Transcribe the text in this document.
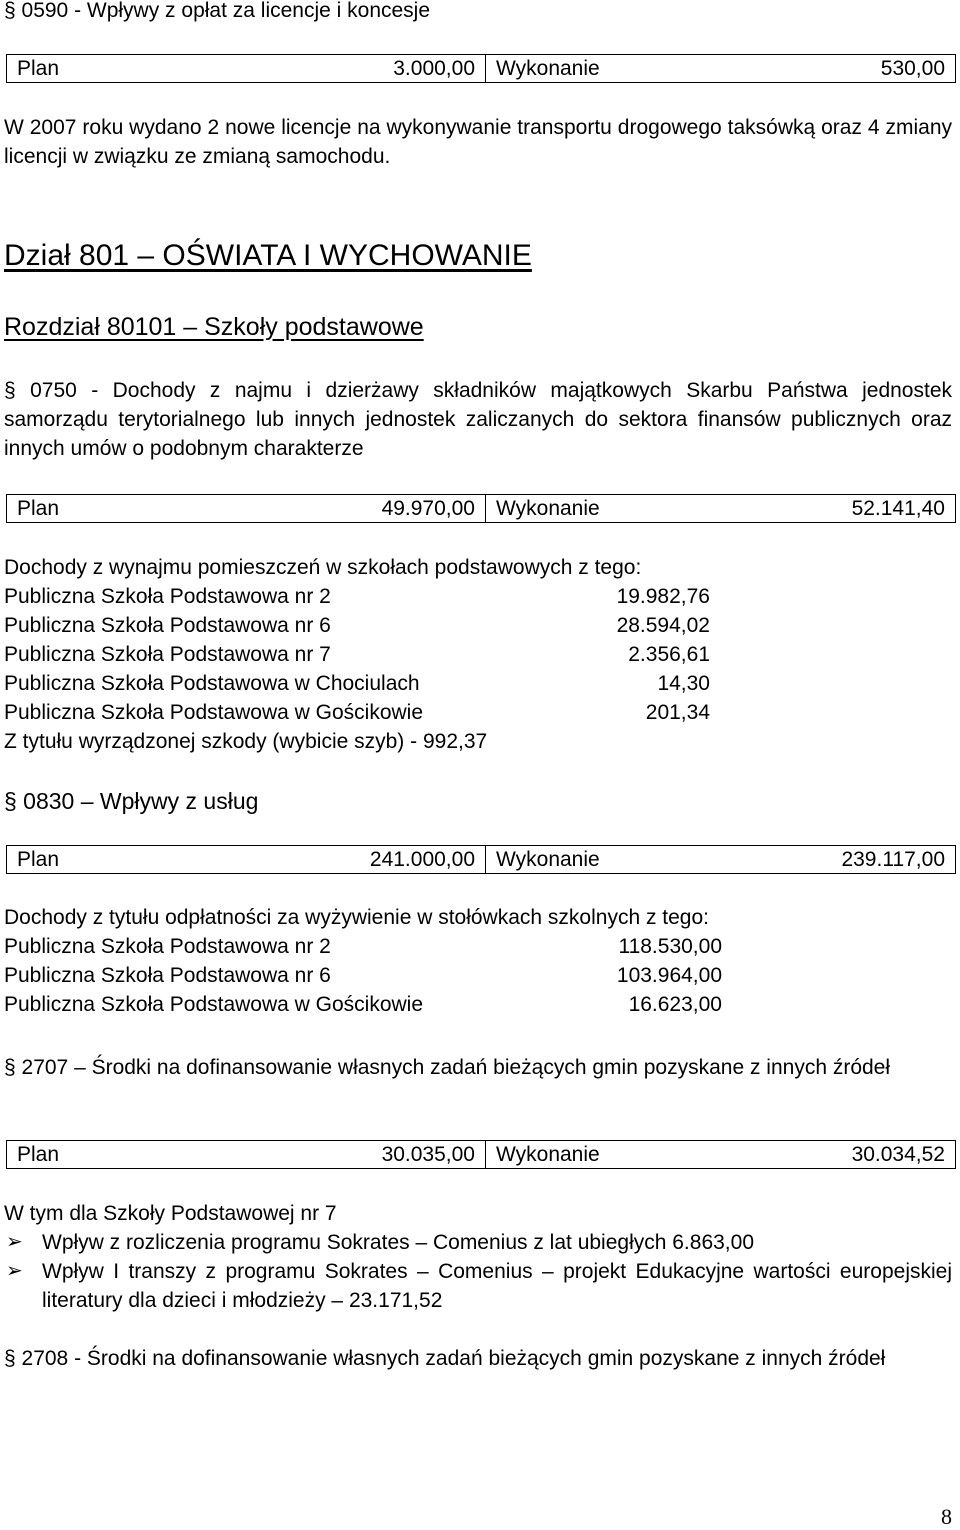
§ 0590 - Wpływy z opłat za licencje i koncesje
Plan	3.000,00	Wykonanie	530,00
W 2007 roku wydano 2 nowe licencje na wykonywanie transportu drogowego taksówką oraz 4 zmiany licencji w związku ze zmianą samochodu.
Dział 801 – OŚWIATA I WYCHOWANIE
Rozdział 80101 – Szkoły podstawowe
§ 0750 - Dochody z najmu i dzierżawy składników majątkowych Skarbu Państwa jednostek samorządu terytorialnego lub innych jednostek zaliczanych do sektora finansów publicznych oraz innych umów o podobnym charakterze
Plan	49.970,00	Wykonanie	52.141,40
Dochody z wynajmu pomieszczeń w szkołach podstawowych z tego:
Publiczna Szkoła Podstawowa nr 2	19.982,76
Publiczna Szkoła Podstawowa nr 6	28.594,02
Publiczna Szkoła Podstawowa nr 7	2.356,61
Publiczna Szkoła Podstawowa w Chociulach	14,30
Publiczna Szkoła Podstawowa w Gościkowie	201,34
Z tytułu wyrządzonej szkody (wybicie szyb) - 992,37
§ 0830 – Wpływy z usług
Plan	241.000,00	Wykonanie	239.117,00
Dochody z tytułu odpłatności za wyżywienie w stołówkach szkolnych z tego:
Publiczna Szkoła Podstawowa nr 2	118.530,00
Publiczna Szkoła Podstawowa nr 6	103.964,00
Publiczna Szkoła Podstawowa w Gościkowie	16.623,00
§ 2707 – Środki na dofinansowanie własnych zadań bieżących gmin pozyskane z innych źródeł
Plan	30.035,00	Wykonanie	30.034,52
W tym dla Szkoły Podstawowej nr 7
➢ Wpływ z rozliczenia programu Sokrates – Comenius z lat ubiegłych 6.863,00
➢ Wpływ I transzy z programu Sokrates – Comenius – projekt Edukacyjne wartości europejskiej literatury dla dzieci i młodzieży – 23.171,52
§ 2708 - Środki na dofinansowanie własnych zadań bieżących gmin pozyskane z innych źródeł
8
